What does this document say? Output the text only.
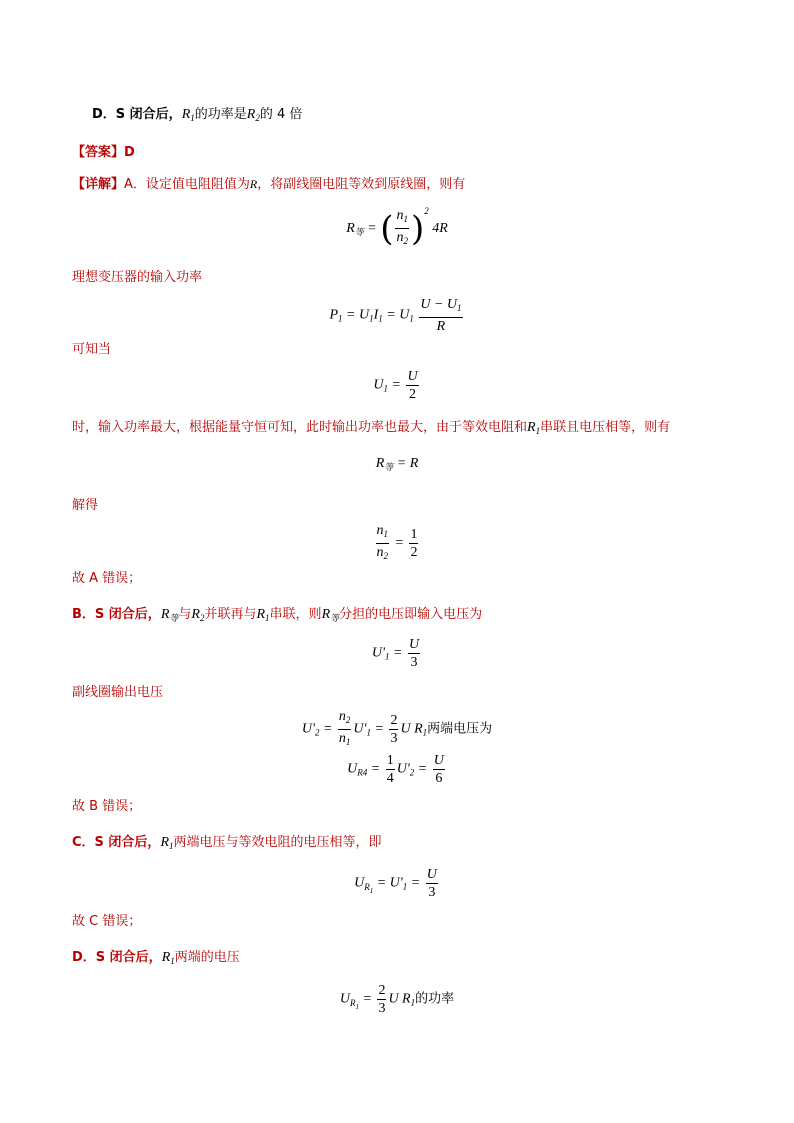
D．S 闭合后，$R_1$的功率是$R_2$的 4 倍
【答案】D
【详解】A．设定值电阻阻值为R，将副线圈电阻等效到原线圈，则有
$R_等$ = ( $\frac{n_1}{n_2} )^2$ 4R
理想变压器的输入功率
$P_1 = U_1I_1 = U_1 \frac{U - U_1}{R}$
可知当
$U_1 = \frac{U}{2}$
时，输入功率最大，根据能量守恒可知，此时输出功率也最大，由于等效电阻和$R_1$串联且电压相等，则有
$R_等 = R$
解得
$\frac{n_1}{n_2} = \frac{1}{2}$
故 A 错误；
B．S 闭合后，$R_等$与$R_2$并联再与$R_1$串联，则$R_等$分担的电压即输入电压为
$U'_1 = \frac{U}{3}$
副线圈输出电压
$U'_2 = \frac{n_2}{n_1} U'_1 = \frac{2}{3}$ U $R_1$两端电压为
$U_{R4} = \frac{1}{4} U'_2 = \frac{U}{6}$
故 B 错误；
C．S 闭合后，$R_1$两端电压与等效电阻的电压相等，即
$U_{R_1} = U'_1 = \frac{U}{3}$
故 C 错误；
D．S 闭合后，$R_1$两端的电压
$U_{R_1} = \frac{2}{3}$ U $R_1$的功率
